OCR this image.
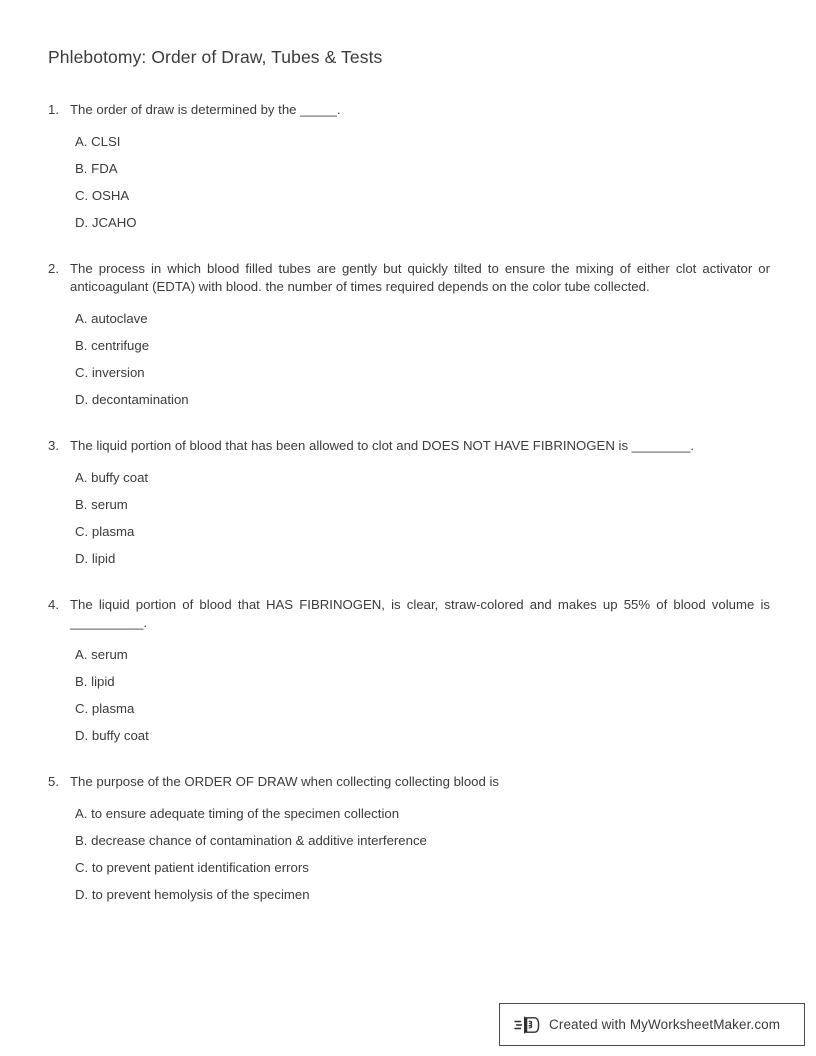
Phlebotomy: Order of Draw, Tubes & Tests
1. The order of draw is determined by the _____.
A. CLSI
B. FDA
C. OSHA
D. JCAHO
2. The process in which blood filled tubes are gently but quickly tilted to ensure the mixing of either clot activator or anticoagulant (EDTA) with blood. the number of times required depends on the color tube collected.
A. autoclave
B. centrifuge
C. inversion
D. decontamination
3. The liquid portion of blood that has been allowed to clot and DOES NOT HAVE FIBRINOGEN is ________.
A. buffy coat
B. serum
C. plasma
D. lipid
4. The liquid portion of blood that HAS FIBRINOGEN, is clear, straw-colored and makes up 55% of blood volume is __________.
A. serum
B. lipid
C. plasma
D. buffy coat
5. The purpose of the ORDER OF DRAW when collecting collecting blood is
A. to ensure adequate timing of the specimen collection
B. decrease chance of contamination & additive interference
C. to prevent patient identification errors
D. to prevent hemolysis of the specimen
Created with MyWorksheetMaker.com
